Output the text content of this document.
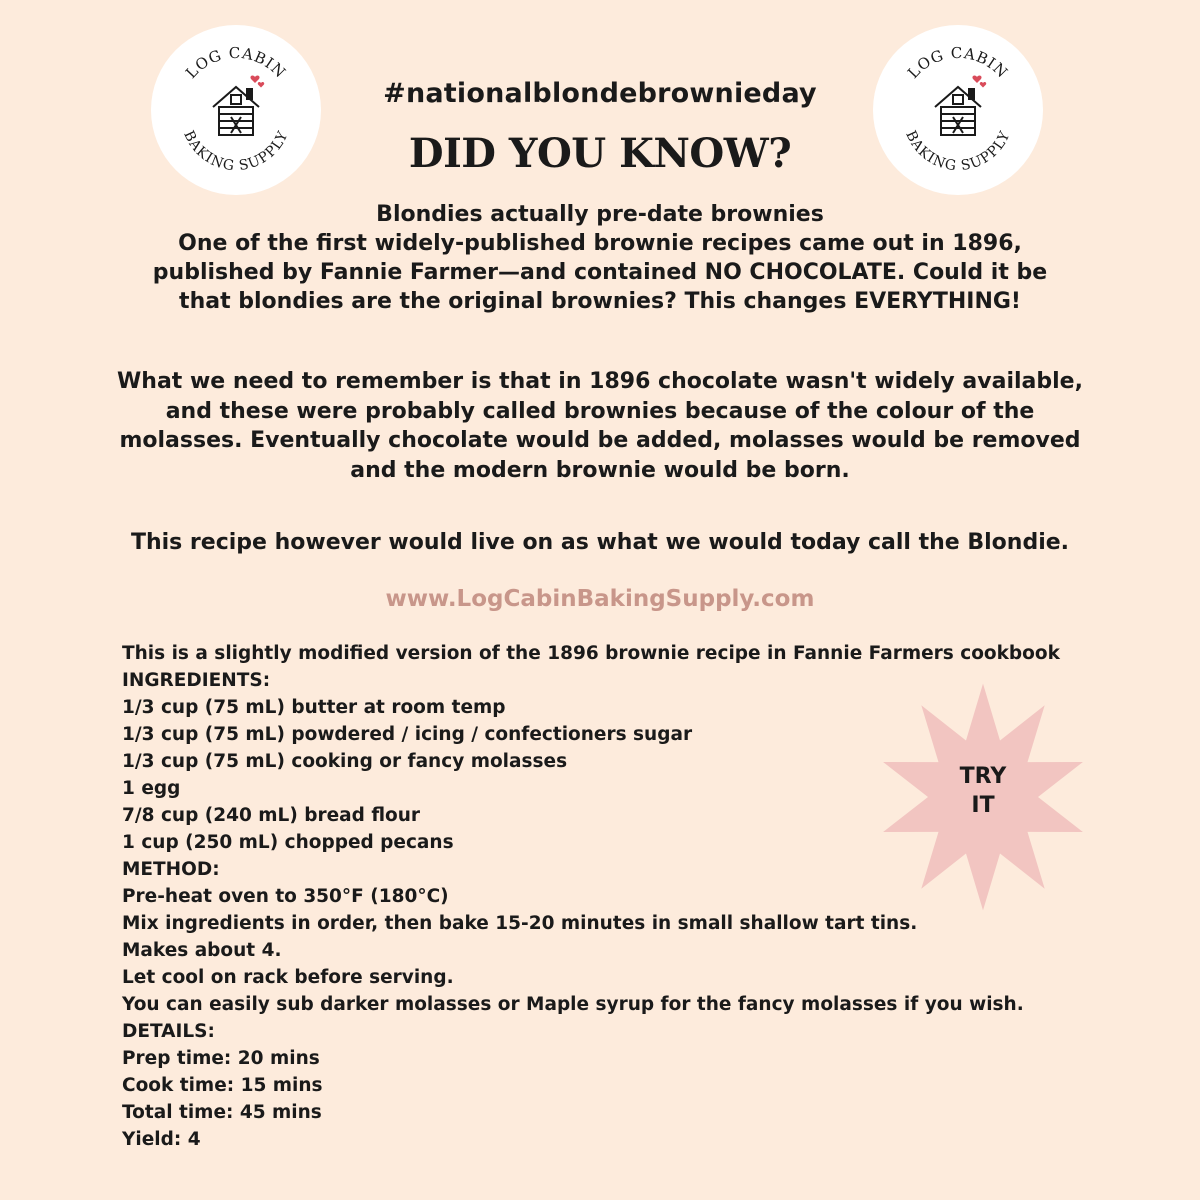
LOG CABIN
BAKING SUPPLY
LOG CABIN
BAKING SUPPLY
#nationalblondebrownieday
DID YOU KNOW?
Blondies actually pre-date brownies
One of the first widely-published brownie recipes came out in 1896,
published by Fannie Farmer—and contained NO CHOCOLATE. Could it be
that blondies are the original brownies? This changes EVERYTHING!
What we need to remember is that in 1896 chocolate wasn't widely available,
and these were probably called brownies because of the colour of the
molasses. Eventually chocolate would be added, molasses would be removed
and the modern brownie would be born.
This recipe however would live on as what we would today call the Blondie.
www.LogCabinBakingSupply.com
This is a slightly modified version of the 1896 brownie recipe in Fannie Farmers cookbook
INGREDIENTS:
1/3 cup (75 mL) butter at room temp
1/3 cup (75 mL) powdered / icing / confectioners sugar
1/3 cup (75 mL) cooking or fancy molasses
1 egg
7/8 cup (240 mL) bread flour
1 cup (250 mL) chopped pecans
METHOD:
Pre-heat oven to 350°F (180°C)
Mix ingredients in order, then bake 15-20 minutes in small shallow tart tins.
Makes about 4.
Let cool on rack before serving.
You can easily sub darker molasses or Maple syrup for the fancy molasses if you wish.
DETAILS:
Prep time: 20 mins
Cook time: 15 mins
Total time: 45 mins
Yield: 4
TRY
IT
